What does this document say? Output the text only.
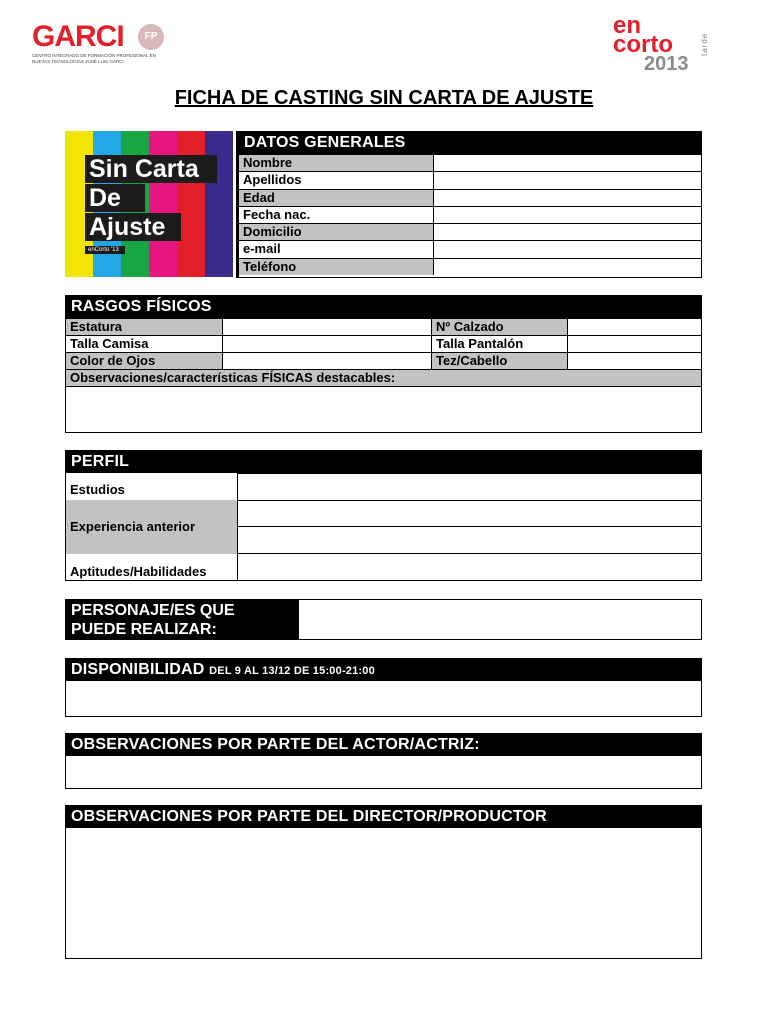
GARCI	FP
CENTRO INTEGRADO DE FORMACIÓN PROFESIONAL EN NUEVAS TECNOLOGÍAS JOSÉ LUIS GARCI
en
corto
2013
tarde
FICHA DE CASTING SIN CARTA DE AJUSTE
Sin Carta
De
Ajuste
enCorto '13
DATOS GENERALES
Nombre
Apellidos
Edad
Fecha nac.
Domicilio
e-mail
Teléfono
RASGOS FÍSICOS
Estatura	Nº Calzado
Talla Camisa	Talla Pantalón
Color de Ojos	Tez/Cabello
Observaciones/características FÍSICAS destacables:
PERFIL
Estudios
Experiencia anterior
Aptitudes/Habilidades
PERSONAJE/ES QUE
PUEDE REALIZAR:
DISPONIBILIDAD DEL 9 AL 13/12 DE 15:00-21:00
OBSERVACIONES POR PARTE DEL ACTOR/ACTRIZ:
OBSERVACIONES POR PARTE DEL DIRECTOR/PRODUCTOR
